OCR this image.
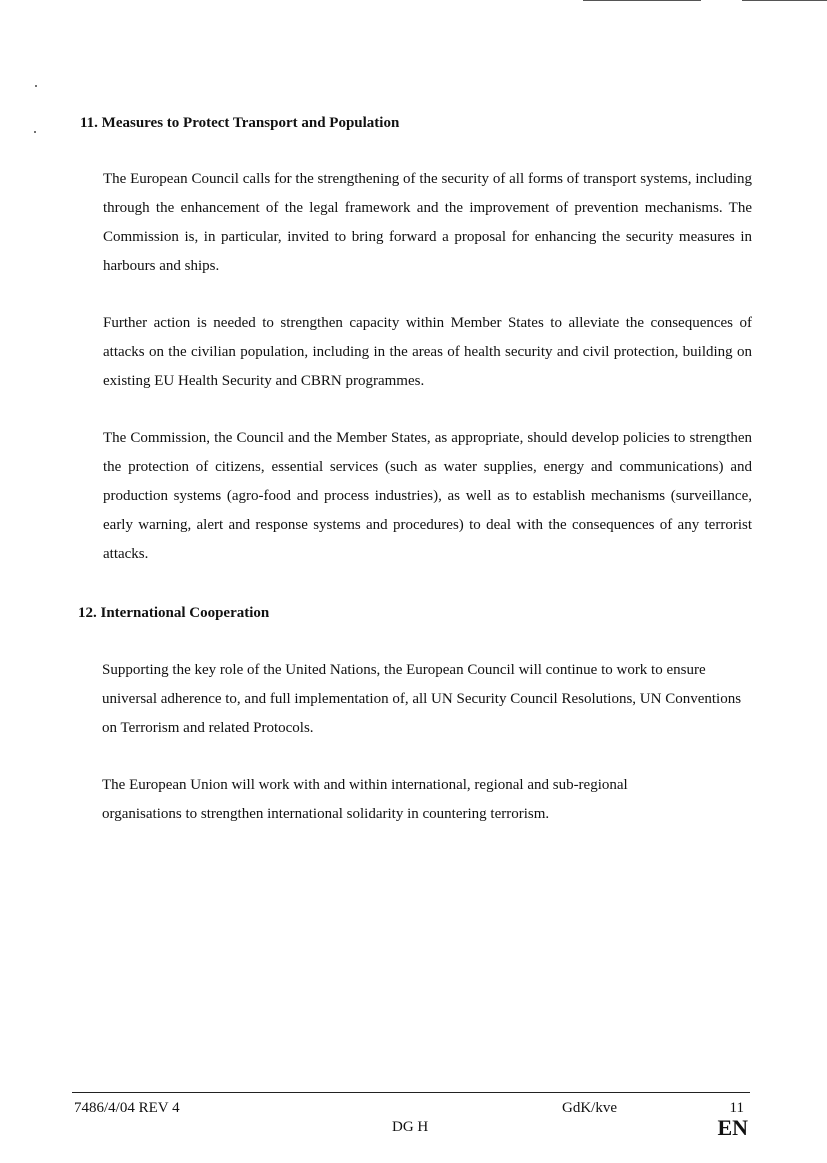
11. Measures to Protect Transport and Population

The European Council calls for the strengthening of the security of all forms of transport systems, including through the enhancement of the legal framework and the improvement of prevention mechanisms. The Commission is, in particular, invited to bring forward a proposal for enhancing the security measures in harbours and ships.

Further action is needed to strengthen capacity within Member States to alleviate the consequences of attacks on the civilian population, including in the areas of health security and civil protection, building on existing EU Health Security and CBRN programmes.

The Commission, the Council and the Member States, as appropriate, should develop policies to strengthen the protection of citizens, essential services (such as water supplies, energy and communications) and production systems (agro-food and process industries), as well as to establish mechanisms (surveillance, early warning, alert and response systems and procedures) to deal with the consequences of any terrorist attacks.

12. International Cooperation

Supporting the key role of the United Nations, the European Council will continue to work to ensure universal adherence to, and full implementation of, all UN Security Council Resolutions, UN Conventions on Terrorism and related Protocols.

The European Union will work with and within international, regional and sub-regional organisations to strengthen international solidarity in countering terrorism.

7486/4/04 REV 4	GdK/kve	11

DG H	EN
